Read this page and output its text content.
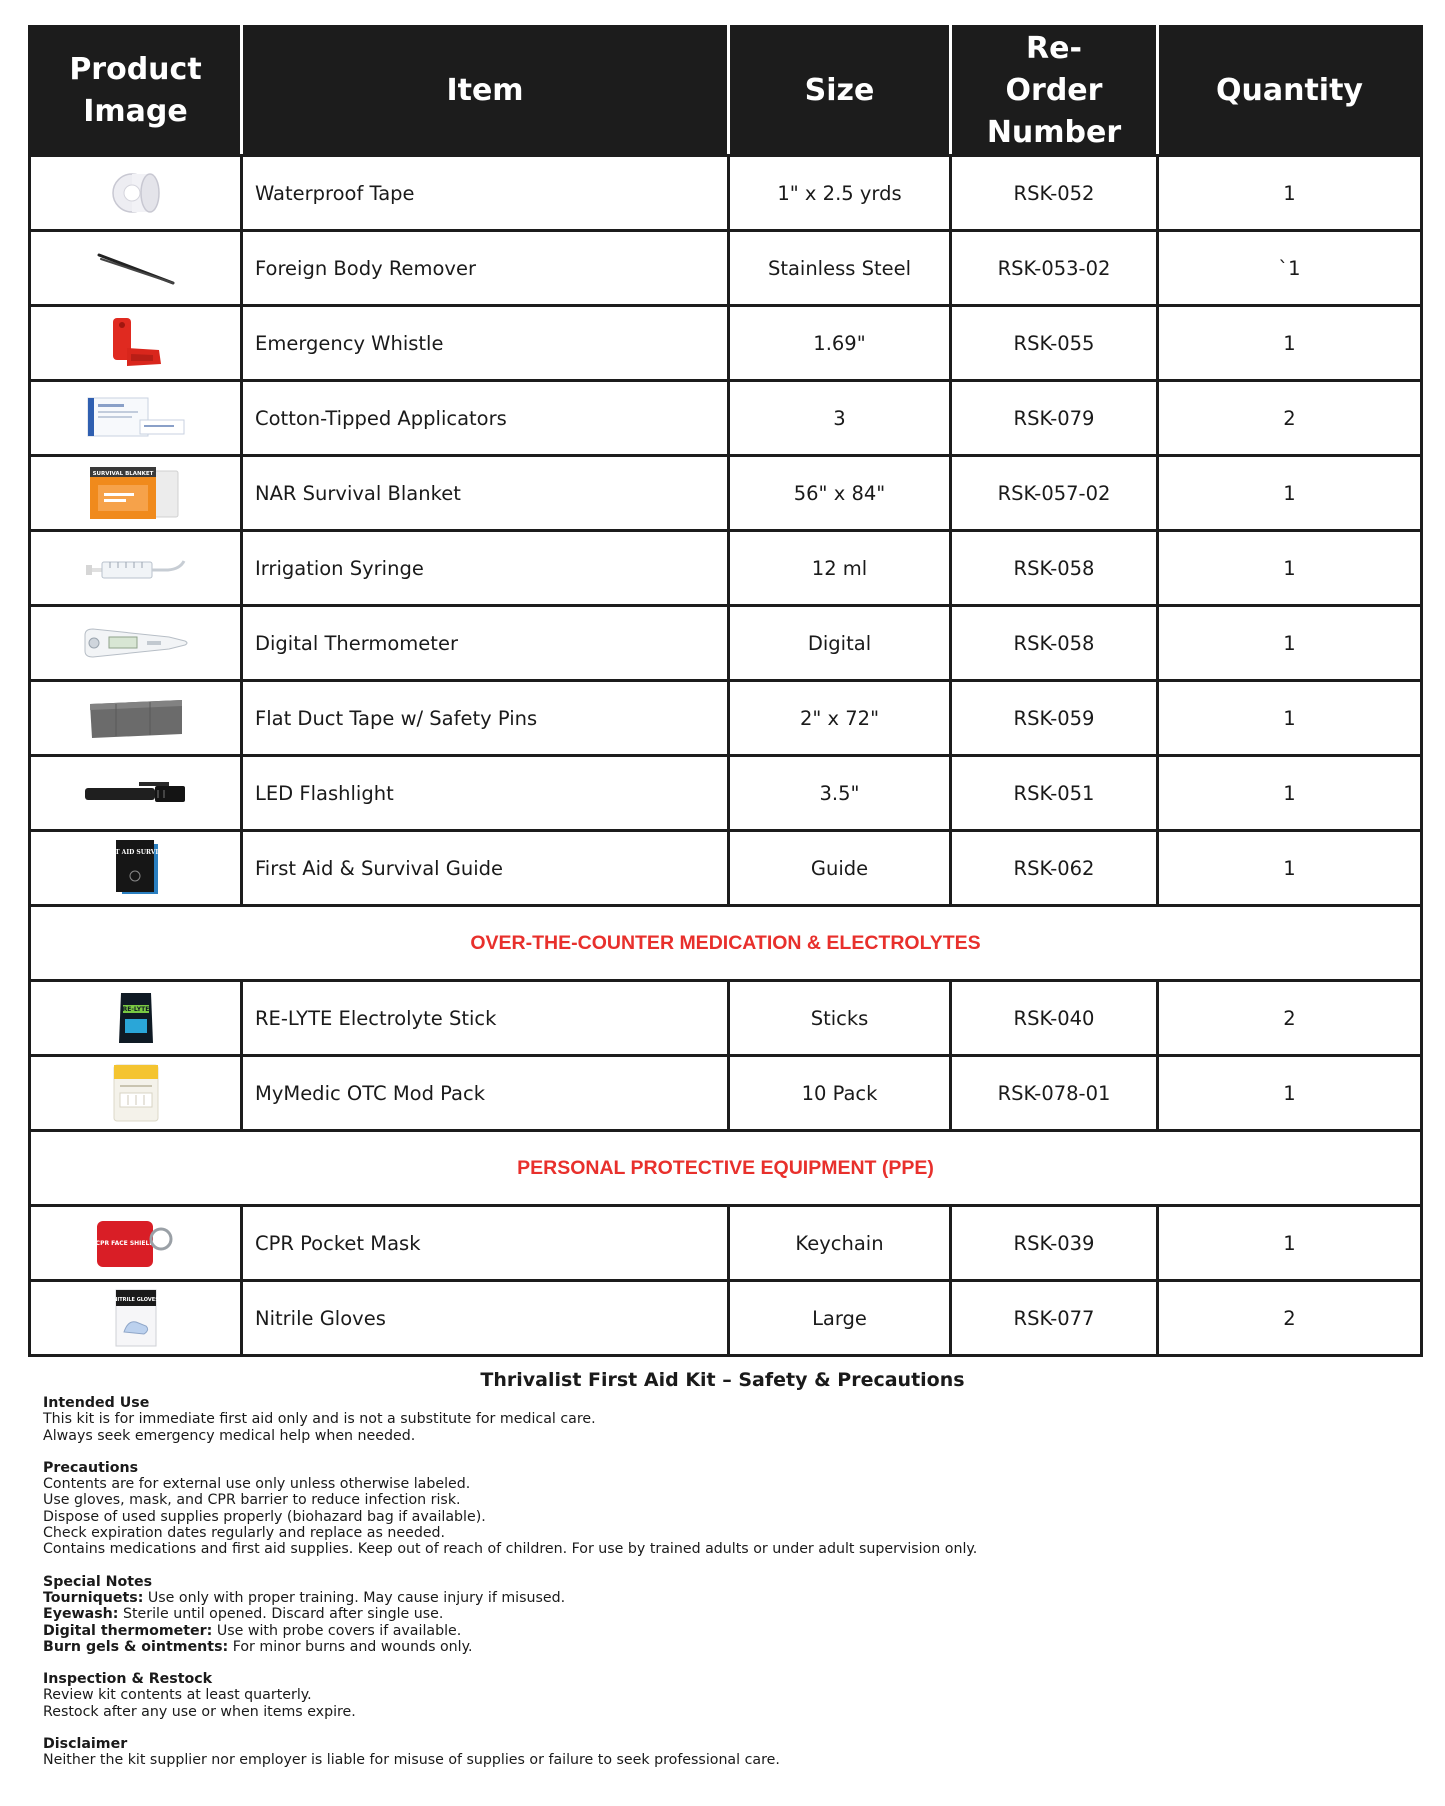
Product Image	Item	Size	Re-Order Number	Quantity
	Waterproof Tape	1" x 2.5 yrds	RSK-052	1
	Foreign Body Remover	Stainless Steel	RSK-053-02	`1
	Emergency Whistle	1.69"	RSK-055	1
	Cotton-Tipped Applicators	3	RSK-079	2

SURVIVAL BLANKET	NAR Survival Blanket	56" x 84"	RSK-057-02	1
	Irrigation Syringe	12 ml	RSK-058	1
	Digital Thermometer	Digital	RSK-058	1
	Flat Duct Tape w/ Safety Pins	2" x 72"	RSK-059	1
	LED Flashlight	3.5"	RSK-051	1

FIRST AID SURVIVAL	First Aid & Survival Guide	Guide	RSK-062	1
OVER-THE-COUNTER MEDICATION & ELECTROLYTES				

RE-LYTE	RE-LYTE Electrolyte Stick	Sticks	RSK-040	2
	MyMedic OTC Mod Pack	10 Pack	RSK-078-01	1
PERSONAL PROTECTIVE EQUIPMENT (PPE)				

CPR FACE SHIELD	CPR Pocket Mask	Keychain	RSK-039	1

NITRILE GLOVES	Nitrile Gloves	Large	RSK-077	2
Thrivalist First Aid Kit – Safety & Precautions
Intended Use
This kit is for immediate first aid only and is not a substitute for medical care.
Always seek emergency medical help when needed.
Precautions
Contents are for external use only unless otherwise labeled.
Use gloves, mask, and CPR barrier to reduce infection risk.
Dispose of used supplies properly (biohazard bag if available).
Check expiration dates regularly and replace as needed.
Contains medications and first aid supplies. Keep out of reach of children. For use by trained adults or under adult supervision only.
Special Notes
Tourniquets: Use only with proper training. May cause injury if misused.
Eyewash: Sterile until opened. Discard after single use.
Digital thermometer: Use with probe covers if available.
Burn gels & ointments: For minor burns and wounds only.
Inspection & Restock
Review kit contents at least quarterly.
Restock after any use or when items expire.
Disclaimer
Neither the kit supplier nor employer is liable for misuse of supplies or failure to seek professional care.
